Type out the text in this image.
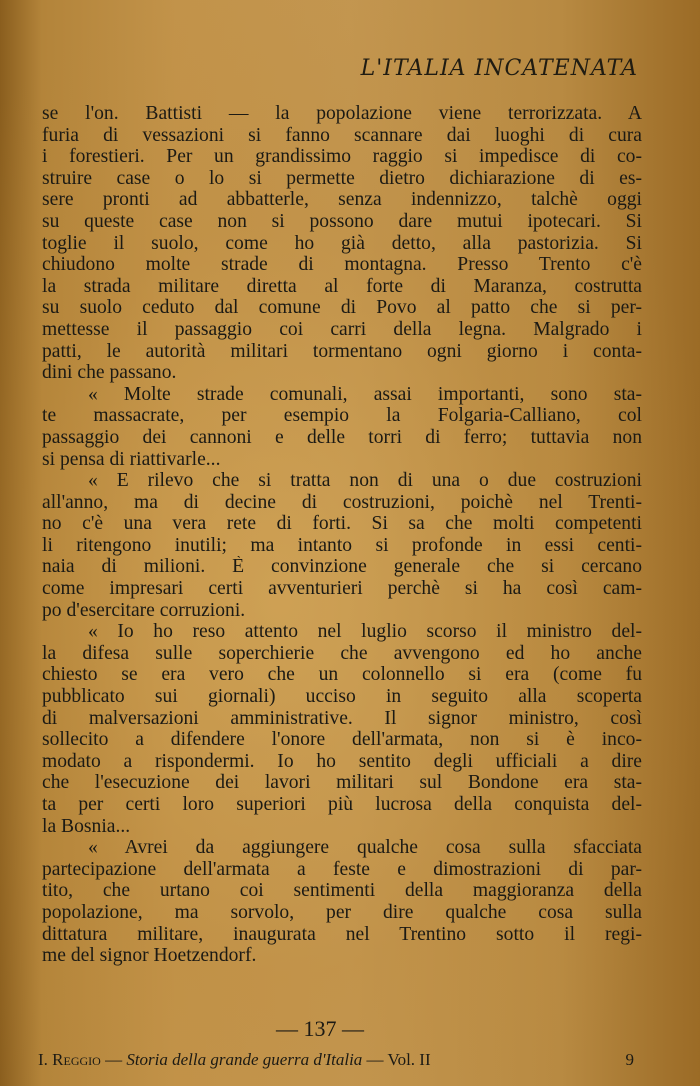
L'ITALIA INCATENATA
se l'on. Battisti — la popolazione viene terrorizzata. A
furia di vessazioni si fanno scannare dai luoghi di cura
i forestieri. Per un grandissimo raggio si impedisce di co-
struire case o lo si permette dietro dichiarazione di es-
sere pronti ad abbatterle, senza indennizzo, talchè oggi
su queste case non si possono dare mutui ipotecari. Si
toglie il suolo, come ho già detto, alla pastorizia. Si
chiudono molte strade di montagna. Presso Trento c'è
la strada militare diretta al forte di Maranza, costrutta
su suolo ceduto dal comune di Povo al patto che si per-
mettesse il passaggio coi carri della legna. Malgrado i
patti, le autorità militari tormentano ogni giorno i conta-
dini che passano.
« Molte strade comunali, assai importanti, sono sta-
te massacrate, per esempio la Folgaria-Calliano, col
passaggio dei cannoni e delle torri di ferro; tuttavia non
si pensa di riattivarle...
« E rilevo che si tratta non di una o due costruzioni
all'anno, ma di decine di costruzioni, poichè nel Trenti-
no c'è una vera rete di forti. Si sa che molti competenti
li ritengono inutili; ma intanto si profonde in essi centi-
naia di milioni. È convinzione generale che si cercano
come impresari certi avventurieri perchè si ha così cam-
po d'esercitare corruzioni.
« Io ho reso attento nel luglio scorso il ministro del-
la difesa sulle soperchierie che avvengono ed ho anche
chiesto se era vero che un colonnello si era (come fu
pubblicato sui giornali) ucciso in seguito alla scoperta
di malversazioni amministrative. Il signor ministro, così
sollecito a difendere l'onore dell'armata, non si è inco-
modato a rispondermi. Io ho sentito degli ufficiali a dire
che l'esecuzione dei lavori militari sul Bondone era sta-
ta per certi loro superiori più lucrosa della conquista del-
la Bosnia...
« Avrei da aggiungere qualche cosa sulla sfacciata
partecipazione dell'armata a feste e dimostrazioni di par-
tito, che urtano coi sentimenti della maggioranza della
popolazione, ma sorvolo, per dire qualche cosa sulla
dittatura militare, inaugurata nel Trentino sotto il regi-
me del signor Hoetzendorf.
— 137 —
I. Reggio — Storia della grande guerra d'Italia — Vol. II	9
